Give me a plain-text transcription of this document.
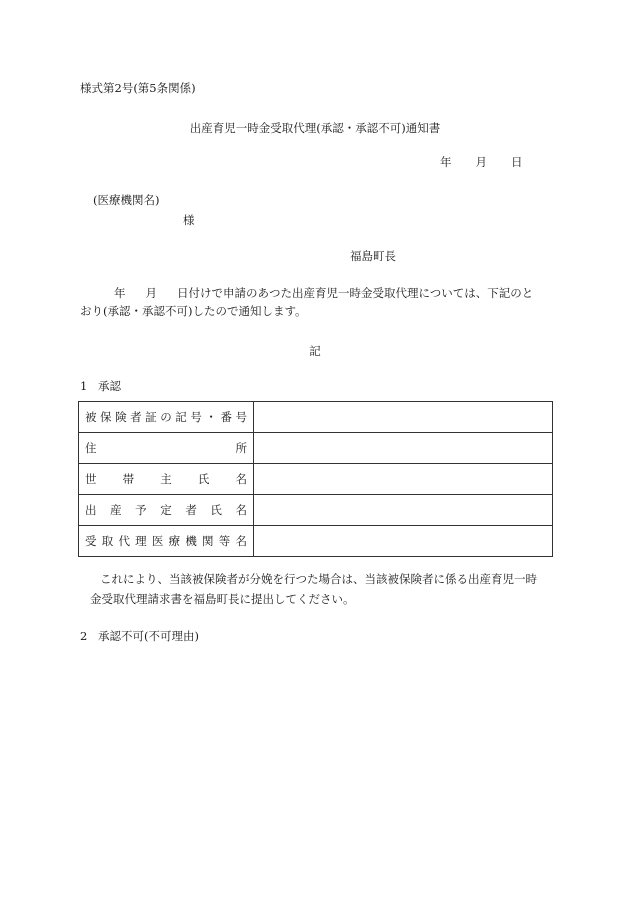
様式第2号(第5条関係)
出産育児一時金受取代理(承認・承認不可)通知書
年 月 日
(医療機関名)
様
福島町長
年 月 日付けで申請のあつた出産育児一時金受取代理については、下記のと
おり(承認・承認不可)したので通知します。
記
1 承認
被保険者証の記号・番号	
住所	
世帯主氏名	
出産予定者氏名	
受取代理医療機関等名	
これにより、当該被保険者が分娩を行つた場合は、当該被保険者に係る出産育児一時
金受取代理請求書を福島町長に提出してください。
2 承認不可(不可理由)
